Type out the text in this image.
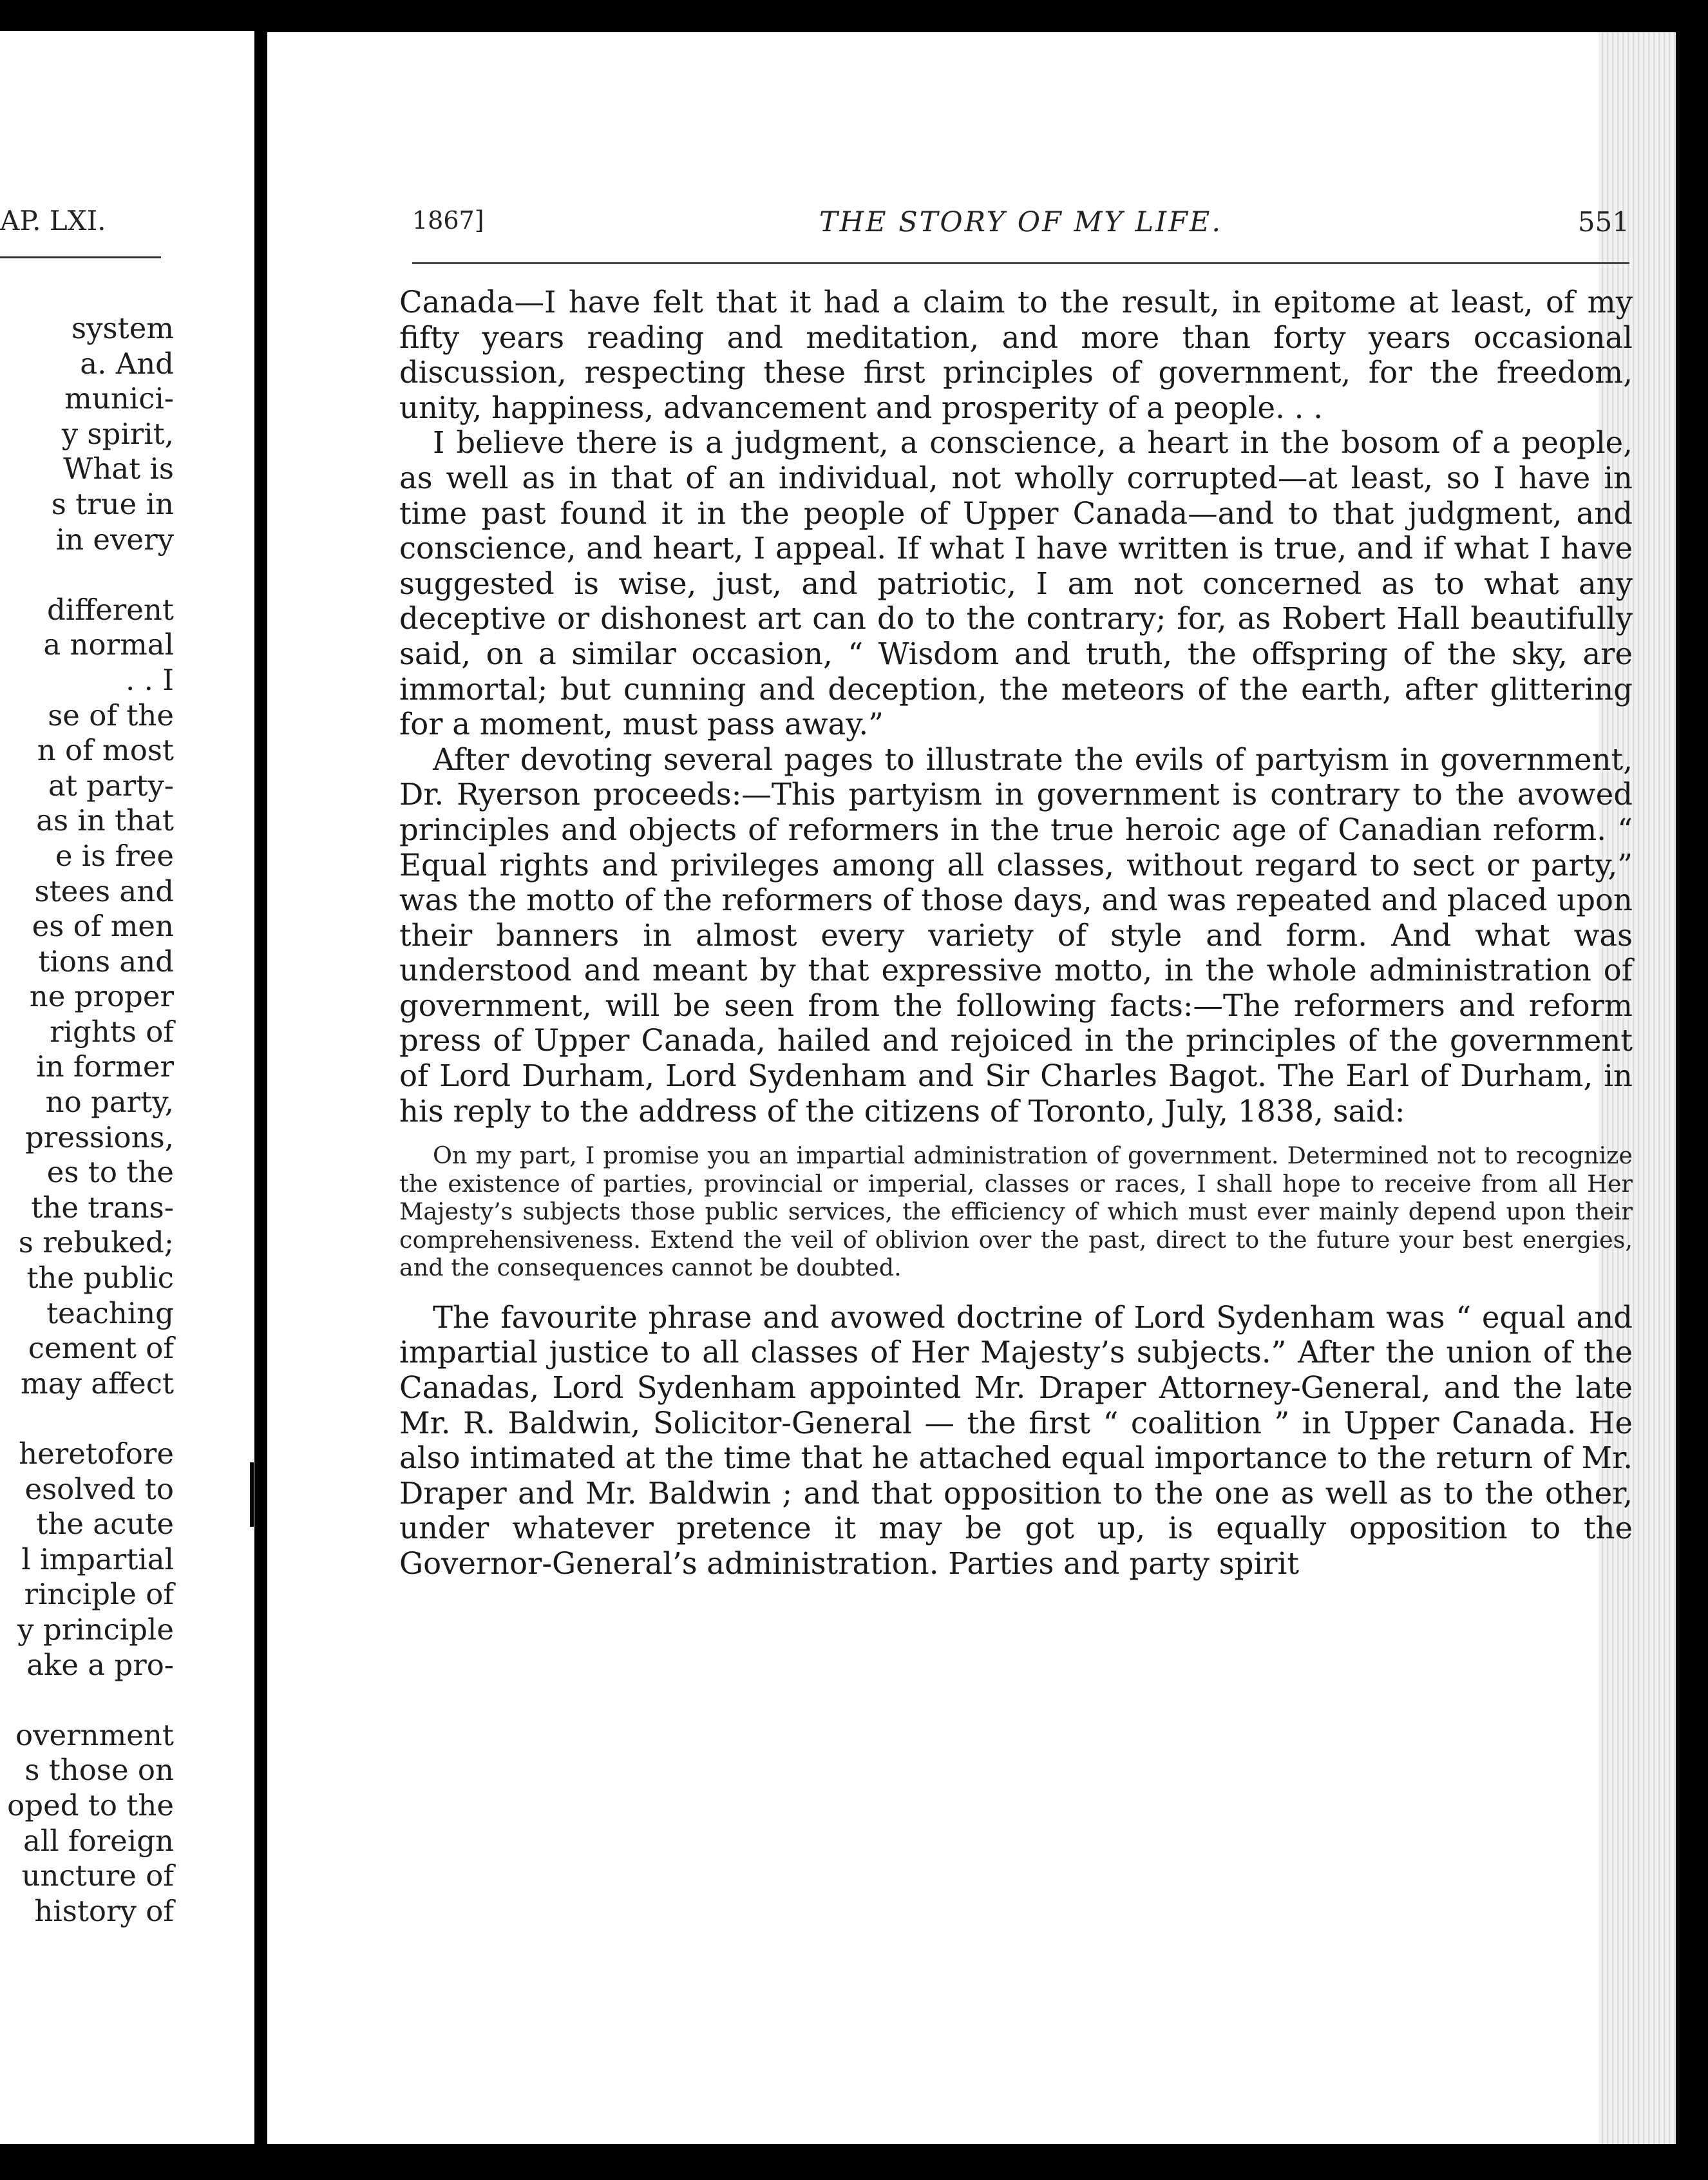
AP. LXI.
system
a. And
munici-
y spirit,
What is
s true in
in every
different
a normal
. . I
se of the
n of most
at party-
as in that
e is free
stees and
es of men
tions and
ne proper
rights of
in former
no party,
pressions,
es to the
the trans-
s rebuked;
the public
teaching
cement of
may affect
heretofore
esolved to
the acute
l impartial
rinciple of
y principle
ake a pro-
overnment
s those on
oped to the
all foreign
uncture of
history of
1867]	THE STORY OF MY LIFE.	551

Canada—I have felt that it had a claim to the result, in epitome at least, of my fifty years reading and meditation, and more than forty years occasional discussion, respecting these first principles of government, for the freedom, unity, happiness, advancement and prosperity of a people. . .

I believe there is a judgment, a conscience, a heart in the bosom of a people, as well as in that of an individual, not wholly corrupted—at least, so I have in time past found it in the people of Upper Canada—and to that judgment, and conscience, and heart, I appeal. If what I have written is true, and if what I have suggested is wise, just, and patriotic, I am not concerned as to what any deceptive or dishonest art can do to the contrary; for, as Robert Hall beautifully said, on a similar occasion, “ Wisdom and truth, the offspring of the sky, are immortal; but cunning and deception, the meteors of the earth, after glittering for a moment, must pass away.”

After devoting several pages to illustrate the evils of partyism in government, Dr. Ryerson proceeds:—This partyism in government is contrary to the avowed principles and objects of reformers in the true heroic age of Canadian reform. “ Equal rights and privileges among all classes, without regard to sect or party,” was the motto of the reformers of those days, and was repeated and placed upon their banners in almost every variety of style and form. And what was understood and meant by that expressive motto, in the whole administration of government, will be seen from the following facts:—The reformers and reform press of Upper Canada, hailed and rejoiced in the principles of the government of Lord Durham, Lord Sydenham and Sir Charles Bagot. The Earl of Durham, in his reply to the address of the citizens of Toronto, July, 1838, said:

On my part, I promise you an impartial administration of government. Determined not to recognize the existence of parties, provincial or imperial, classes or races, I shall hope to receive from all Her Majesty’s subjects those public services, the efficiency of which must ever mainly depend upon their comprehensiveness. Extend the veil of oblivion over the past, direct to the future your best energies, and the consequences cannot be doubted.

The favourite phrase and avowed doctrine of Lord Sydenham was “ equal and impartial justice to all classes of Her Majesty’s subjects.” After the union of the Canadas, Lord Sydenham appointed Mr. Draper Attorney-General, and the late Mr. R. Baldwin, Solicitor-General — the first “ coalition ” in Upper Canada. He also intimated at the time that he attached equal importance to the return of Mr. Draper and Mr. Baldwin ; and that opposition to the one as well as to the other, under whatever pretence it may be got up, is equally opposition to the Governor-General’s administration. Parties and party spirit
